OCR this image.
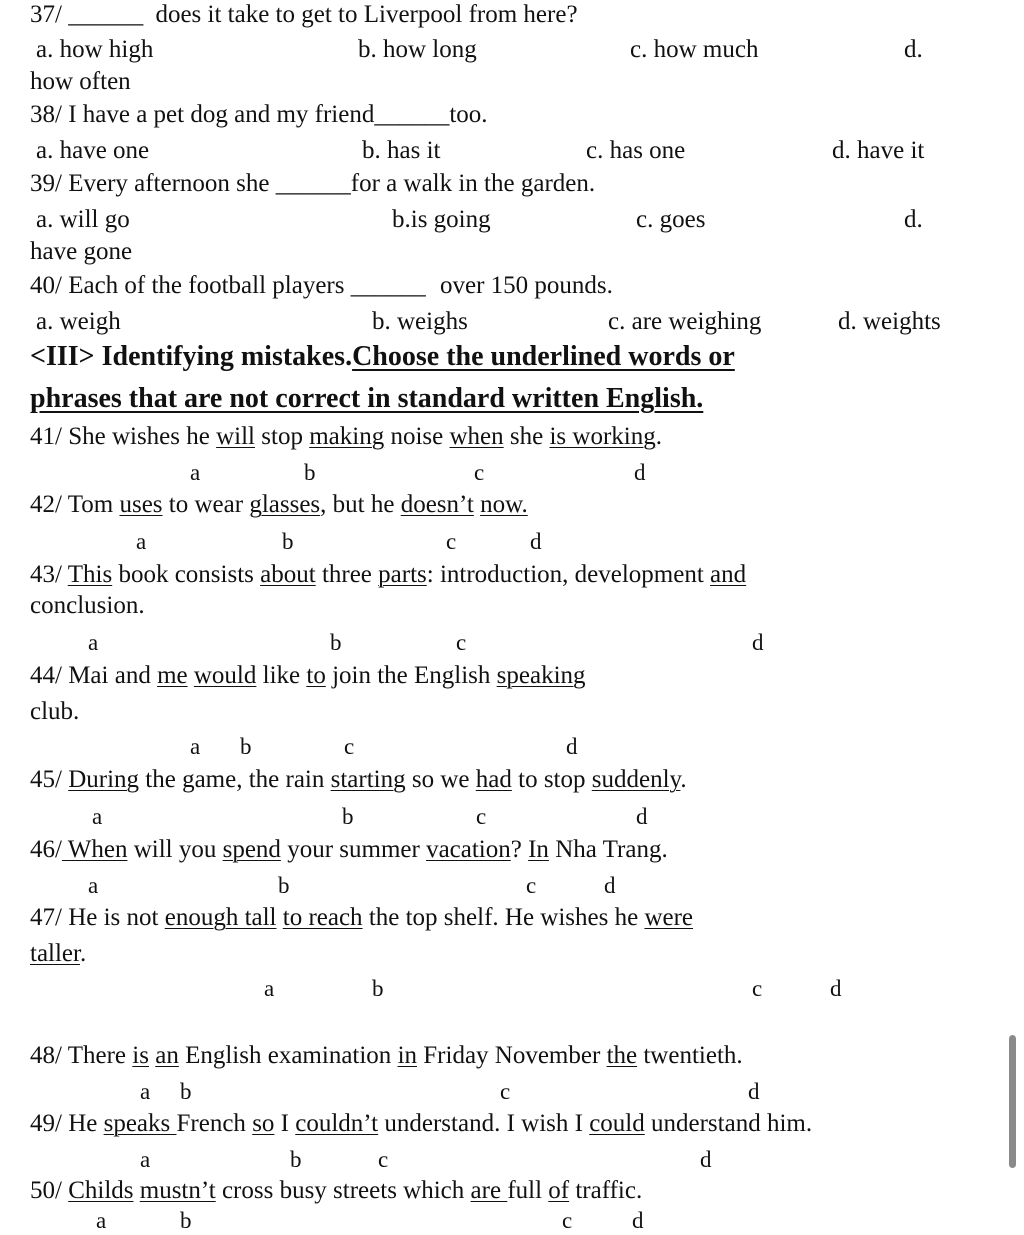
37/ ______ does it take to get to Liverpool from here?
a. how high	b. how long	c. how much	d.
how often
38/ I have a pet dog and my friend______too.
a. have one	b. has it	c. has one	d. have it
39/ Every afternoon she ______for a walk in the garden.
a. will go	b.is going	c. goes	d.
have gone
40/ Each of the football players ______ over 150 pounds.
a. weigh	b. weighs	c. are weighing	d. weights
<III> Identifying mistakes.Choose the underlined words or
phrases that are not correct in standard written English.
41/ She wishes he will stop making noise when she is working.
a	b	c	d
42/ Tom uses to wear glasses, but he doesn’t now.
a	b	c	d
43/ This book consists about three parts: introduction, development and
conclusion.
a	b	c	d
44/ Mai and me would like to join the English speaking
club.
a b	c	d
45/ During the game, the rain starting so we had to stop suddenly.
a	b	c	d
46/ When will you spend your summer vacation? In Nha Trang.
a	b	c	d
47/ He is not enough tall to reach the top shelf. He wishes he were
taller.
a	b	c	d
48/ There is an English examination in Friday November the twentieth.
a b	c	d
49/ He speaks French so I couldn’t understand. I wish I could understand him.
a	b	c	d
50/ Childs mustn’t cross busy streets which are full of traffic.
a	b	c	d
